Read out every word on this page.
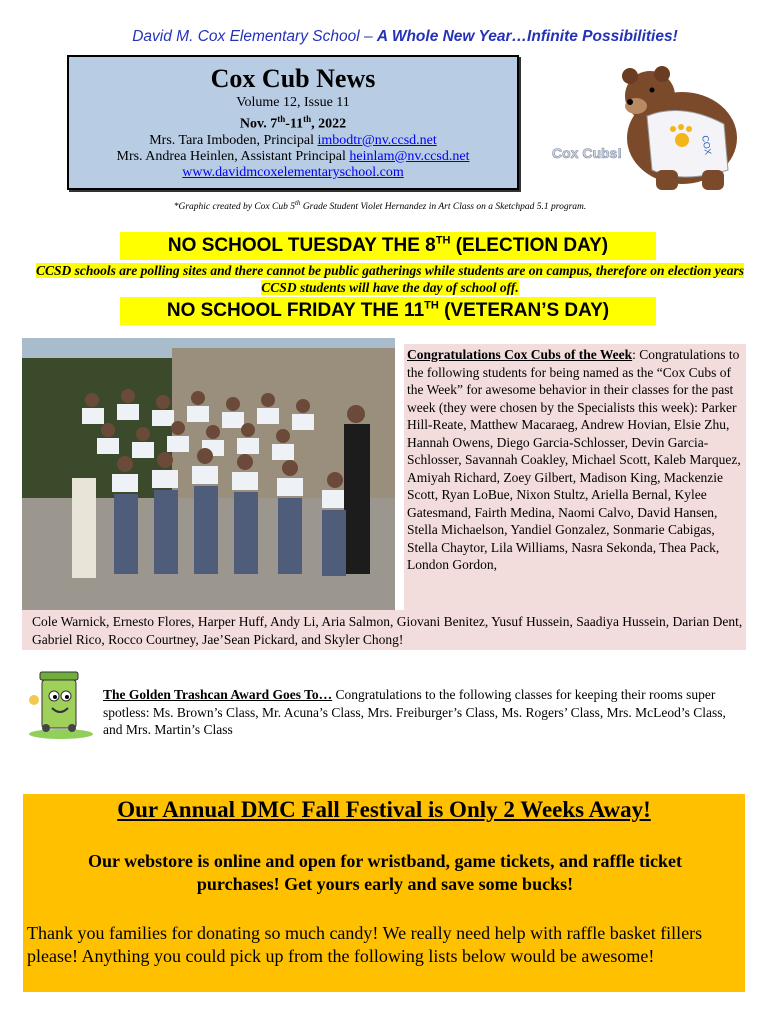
David M. Cox Elementary School – A Whole New Year…Infinite Possibilities!
Cox Cub News
Volume 12, Issue 11
Nov. 7th-11th, 2022
Mrs. Tara Imboden, Principal imbodtr@nv.ccsd.net
Mrs. Andrea Heinlen, Assistant Principal heinlam@nv.ccsd.net
www.davidmcoxelementaryschool.com
COX
Cox Cubs!
*Graphic created by Cox Cub 5th Grade Student Violet Hernandez in Art Class on a Sketchpad 5.1 program.
NO SCHOOL TUESDAY THE 8TH (ELECTION DAY)
CCSD schools are polling sites and there cannot be public gatherings while students are on campus, therefore on election years CCSD students will have the day of school off.
NO SCHOOL FRIDAY THE 11TH (VETERAN’S DAY)
Congratulations Cox Cubs of the Week: Congratulations to the following students for being named as the “Cox Cubs of the Week” for awesome behavior in their classes for the past week (they were chosen by the Specialists this week): Parker Hill-Reate, Matthew Macaraeg, Andrew Hovian, Elsie Zhu, Hannah Owens, Diego Garcia-Schlosser, Devin Garcia-Schlosser, Savannah Coakley, Michael Scott, Kaleb Marquez, Amiyah Richard, Zoey Gilbert, Madison King, Mackenzie Scott, Ryan LoBue, Nixon Stultz, Ariella Bernal, Kylee Gatesmand, Fairth Medina, Naomi Calvo, David Hansen, Stella Michaelson, Yandiel Gonzalez, Sonmarie Cabigas, Stella Chaytor, Lila Williams, Nasra Sekonda, Thea Pack, London Gordon,
Cole Warnick, Ernesto Flores, Harper Huff, Andy Li, Aria Salmon, Giovani Benitez, Yusuf Hussein, Saadiya Hussein, Darian Dent, Gabriel Rico, Rocco Courtney, Jae’Sean Pickard, and Skyler Chong!
The Golden Trashcan Award Goes To… Congratulations to the following classes for keeping their rooms super spotless: Ms. Brown’s Class, Mr. Acuna’s Class, Mrs. Freiburger’s Class, Ms. Rogers’ Class, Mrs. McLeod’s Class, and Mrs. Martin’s Class
Our Annual DMC Fall Festival is Only 2 Weeks Away!
Our webstore is online and open for wristband, game tickets, and raffle ticket purchases! Get yours early and save some bucks!
Thank you families for donating so much candy! We really need help with raffle basket fillers please! Anything you could pick up from the following lists below would be awesome!
